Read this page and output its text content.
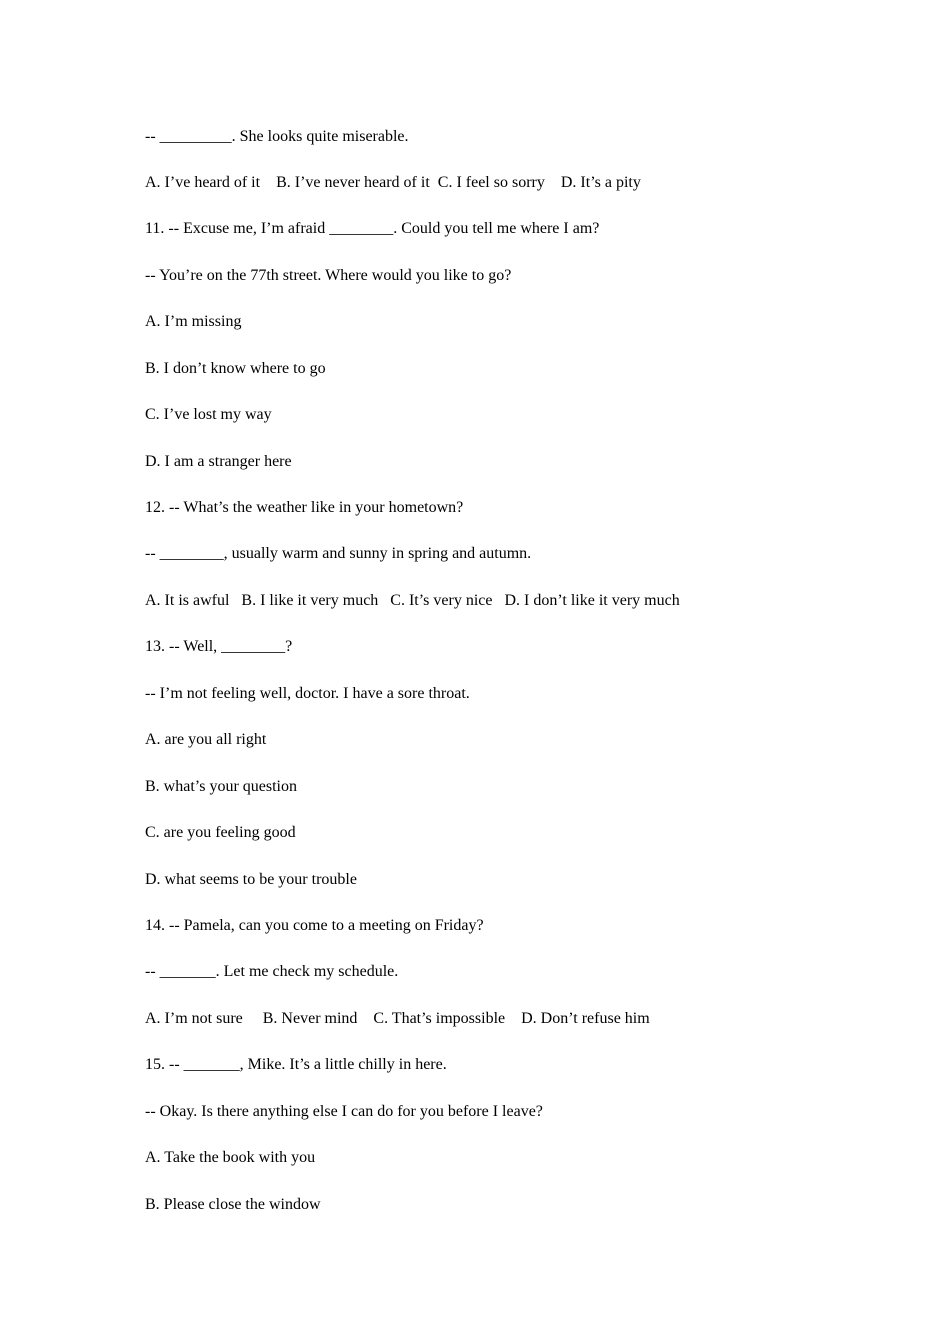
-- _________. She looks quite miserable.
A. I’ve heard of it    B. I’ve never heard of it  C. I feel so sorry    D. It’s a pity
11. -- Excuse me, I’m afraid ________. Could you tell me where I am?
-- You’re on the 77th street. Where would you like to go?
A. I’m missing
B. I don’t know where to go
C. I’ve lost my way
D. I am a stranger here
12. -- What’s the weather like in your hometown?
-- ________, usually warm and sunny in spring and autumn.
A. It is awful   B. I like it very much   C. It’s very nice   D. I don’t like it very much
13. -- Well, ________?
-- I’m not feeling well, doctor. I have a sore throat.
A. are you all right
B. what’s your question
C. are you feeling good
D. what seems to be your trouble
14. -- Pamela, can you come to a meeting on Friday?
-- _______. Let me check my schedule.
A. I’m not sure     B. Never mind    C. That’s impossible    D. Don’t refuse him
15. -- _______, Mike. It’s a little chilly in here.
-- Okay. Is there anything else I can do for you before I leave?
A. Take the book with you
B. Please close the window
